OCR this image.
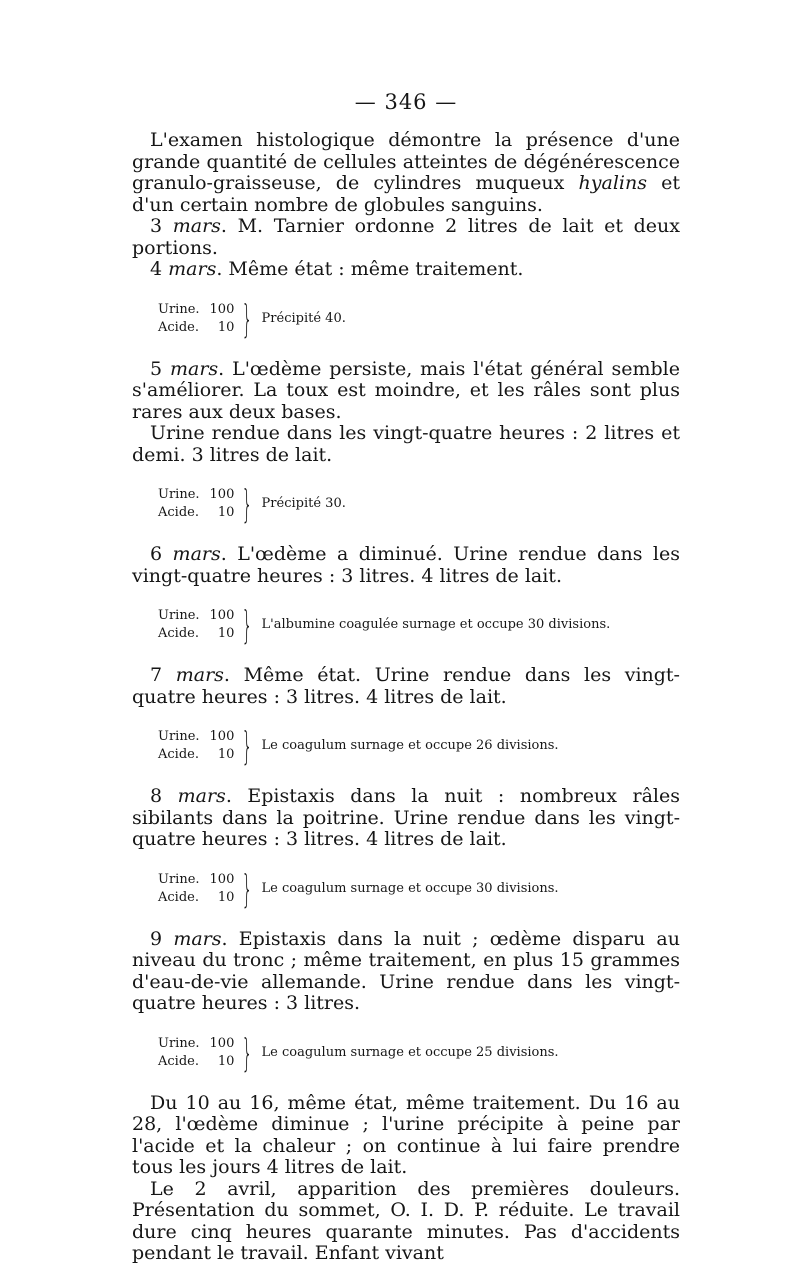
— 346 —

L'examen histologique démontre la présence d'une grande quantité de cellules atteintes de dégénérescence granulo-graisseuse, de cylindres muqueux hyalins et d'un certain nombre de globules sanguins.

3 mars. M. Tarnier ordonne 2 litres de lait et deux portions.

4 mars. Même état : même traitement.

Urine.
Acide.
100
10 } Précipité 40.

5 mars. L'œdème persiste, mais l'état général semble s'améliorer. La toux est moindre, et les râles sont plus rares aux deux bases.

Urine rendue dans les vingt-quatre heures : 2 litres et demi. 3 litres de lait.

Urine.
Acide.
100
10 } Précipité 30.

6 mars. L'œdème a diminué. Urine rendue dans les vingt-quatre heures : 3 litres. 4 litres de lait.

Urine.
Acide.
100
10 } L'albumine coagulée surnage et occupe 30 divisions.

7 mars. Même état. Urine rendue dans les vingt-quatre heures : 3 litres. 4 litres de lait.

Urine.
Acide.
100
10 } Le coagulum surnage et occupe 26 divisions.

8 mars. Epistaxis dans la nuit : nombreux râles sibilants dans la poitrine. Urine rendue dans les vingt-quatre heures : 3 litres. 4 litres de lait.

Urine.
Acide.
100
10 } Le coagulum surnage et occupe 30 divisions.

9 mars. Epistaxis dans la nuit ; œdème disparu au niveau du tronc ; même traitement, en plus 15 grammes d'eau-de-vie allemande. Urine rendue dans les vingt-quatre heures : 3 litres.

Urine.
Acide.
100
10 } Le coagulum surnage et occupe 25 divisions.

Du 10 au 16, même état, même traitement. Du 16 au 28, l'œdème diminue ; l'urine précipite à peine par l'acide et la chaleur ; on continue à lui faire prendre tous les jours 4 litres de lait.

Le 2 avril, apparition des premières douleurs. Présentation du sommet, O. I. D. P. réduite. Le travail dure cinq heures quarante minutes. Pas d'accidents pendant le travail. Enfant vivant
